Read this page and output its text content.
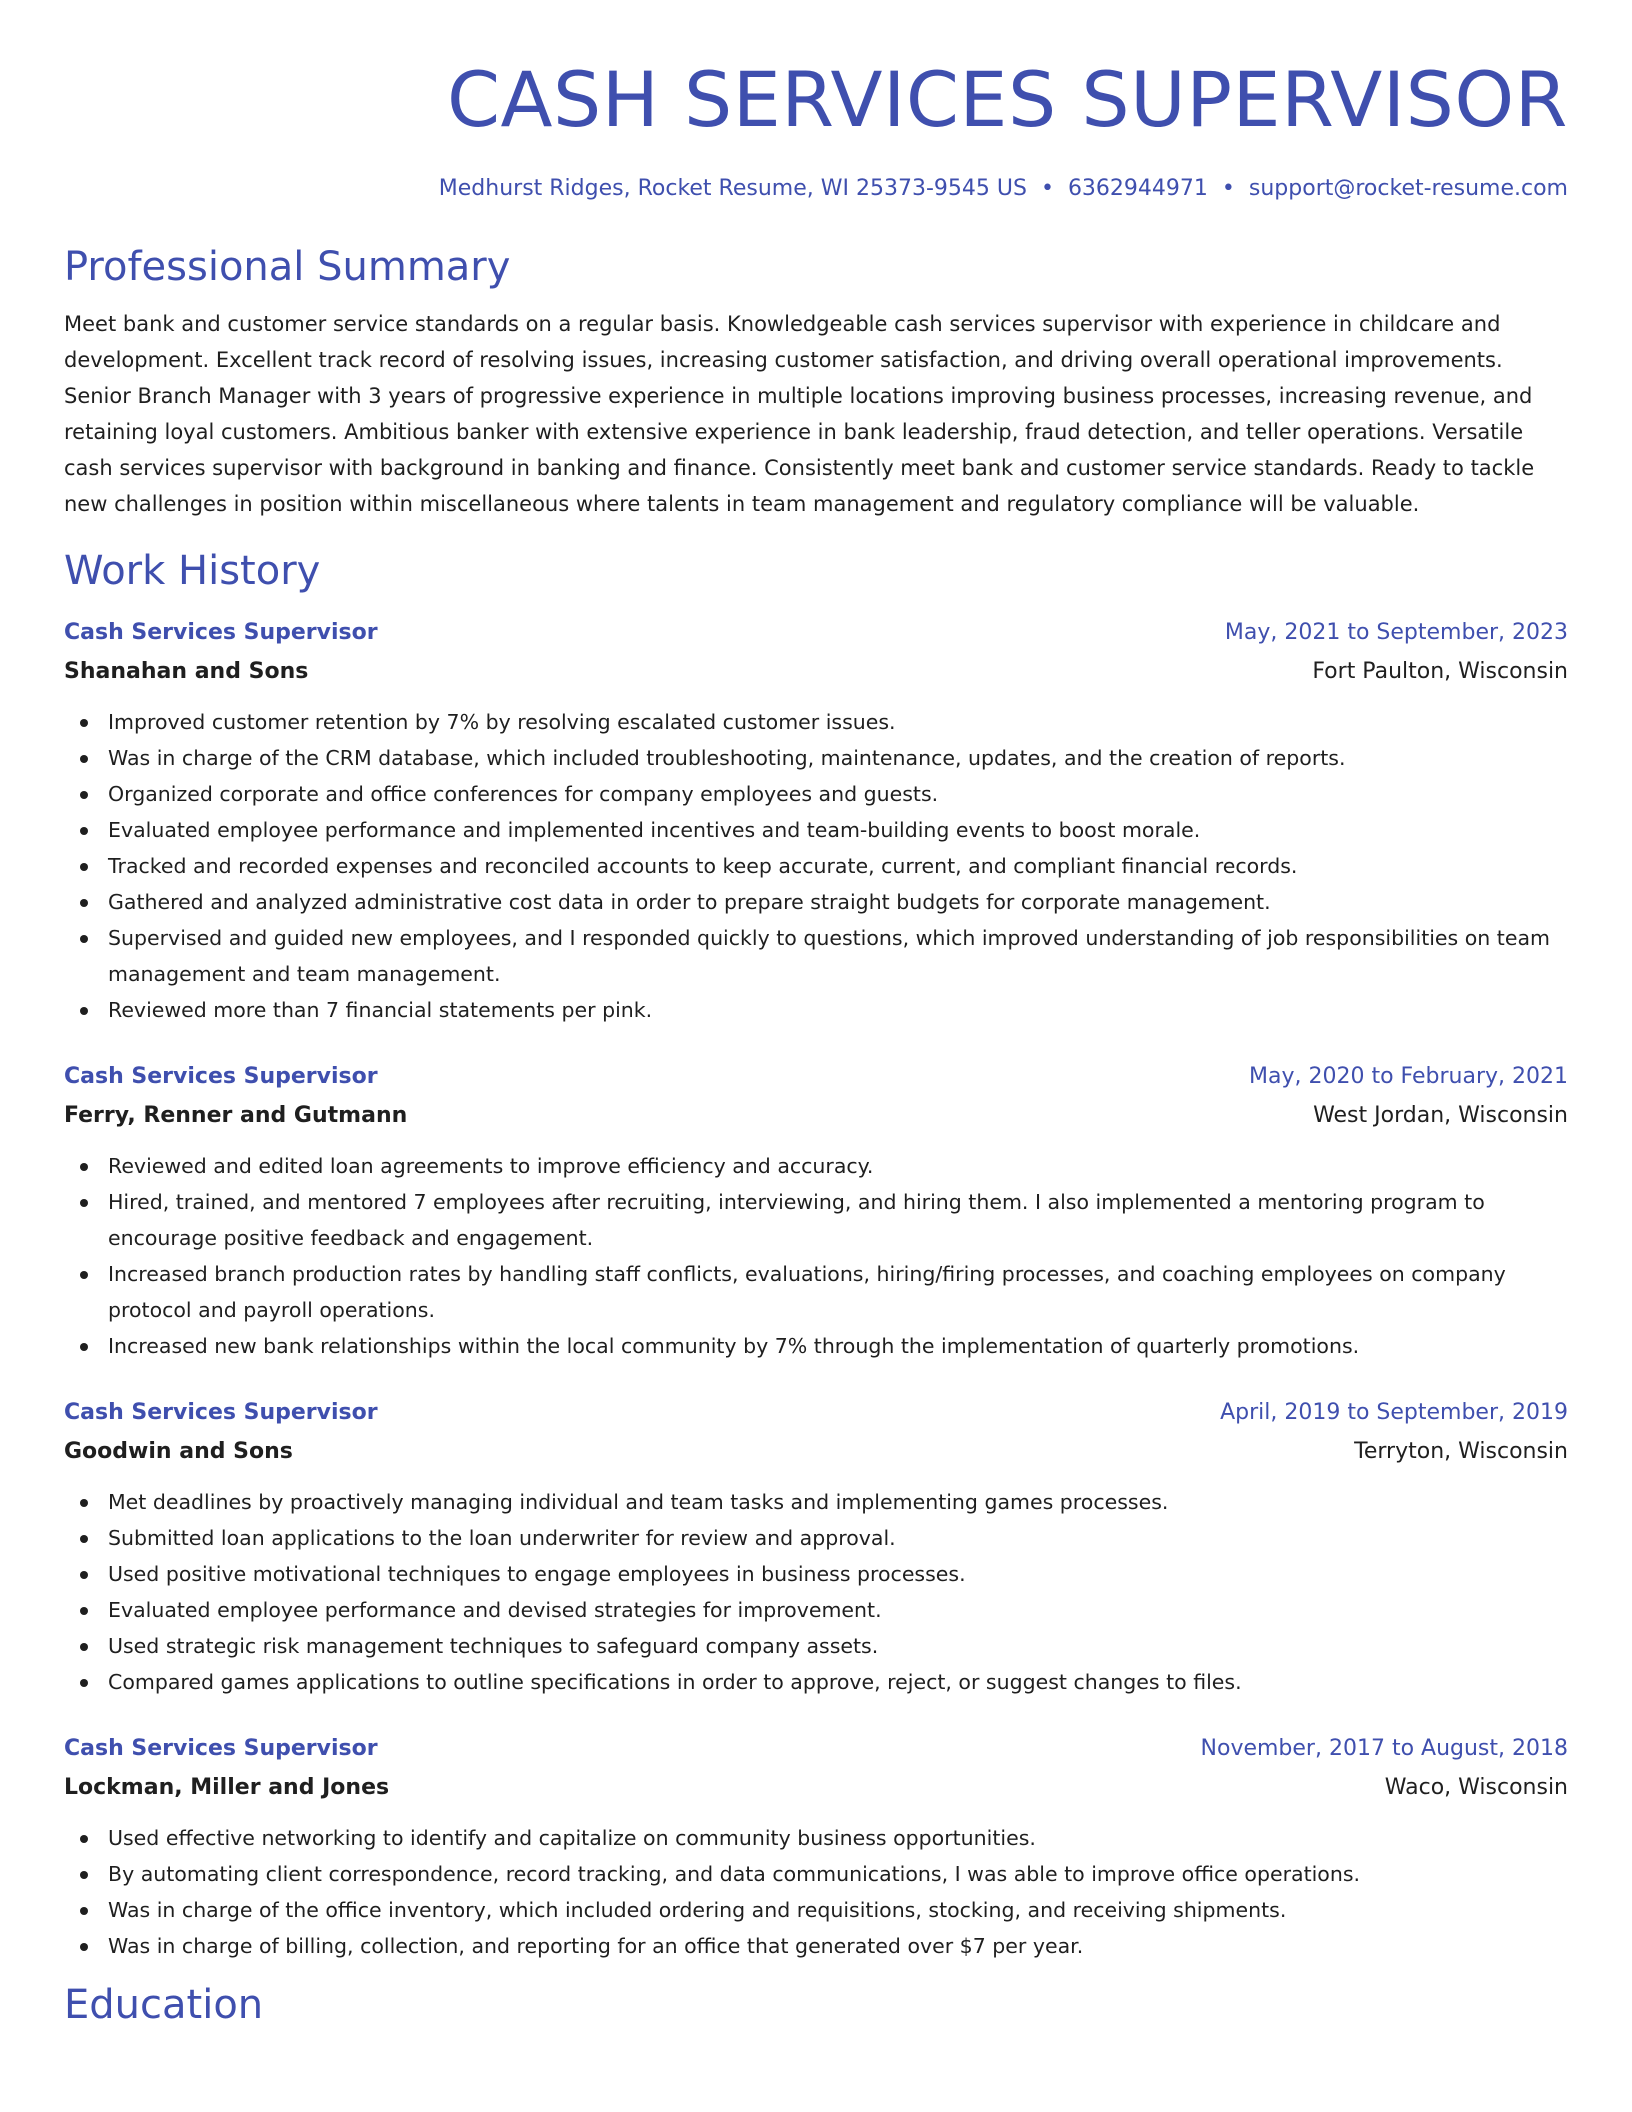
CASH SERVICES SUPERVISOR
Medhurst Ridges, Rocket Resume, WI 25373-9545 US • 6362944971 • support@rocket-resume.com
Professional Summary

Meet bank and customer service standards on a regular basis. Knowledgeable cash services supervisor with experience in childcare and development. Excellent track record of resolving issues, increasing customer satisfaction, and driving overall operational improvements. Senior Branch Manager with 3 years of progressive experience in multiple locations improving business processes, increasing revenue, and retaining loyal customers. Ambitious banker with extensive experience in bank leadership, fraud detection, and teller operations. Versatile cash services supervisor with background in banking and finance. Consistently meet bank and customer service standards. Ready to tackle new challenges in position within miscellaneous where talents in team management and regulatory compliance will be valuable.

Work History
Cash Services Supervisor	May, 2021 to September, 2023
Shanahan and Sons	Fort Paulton, Wisconsin
Improved customer retention by 7% by resolving escalated customer issues.
Was in charge of the CRM database, which included troubleshooting, maintenance, updates, and the creation of reports.
Organized corporate and office conferences for company employees and guests.
Evaluated employee performance and implemented incentives and team-building events to boost morale.
Tracked and recorded expenses and reconciled accounts to keep accurate, current, and compliant financial records.
Gathered and analyzed administrative cost data in order to prepare straight budgets for corporate management.
Supervised and guided new employees, and I responded quickly to questions, which improved understanding of job responsibilities on team management and team management.
Reviewed more than 7 financial statements per pink.
Cash Services Supervisor	May, 2020 to February, 2021
Ferry, Renner and Gutmann	West Jordan, Wisconsin
Reviewed and edited loan agreements to improve efficiency and accuracy.
Hired, trained, and mentored 7 employees after recruiting, interviewing, and hiring them. I also implemented a mentoring program to encourage positive feedback and engagement.
Increased branch production rates by handling staff conflicts, evaluations, hiring/firing processes, and coaching employees on company protocol and payroll operations.
Increased new bank relationships within the local community by 7% through the implementation of quarterly promotions.
Cash Services Supervisor	April, 2019 to September, 2019
Goodwin and Sons	Terryton, Wisconsin
Met deadlines by proactively managing individual and team tasks and implementing games processes.
Submitted loan applications to the loan underwriter for review and approval.
Used positive motivational techniques to engage employees in business processes.
Evaluated employee performance and devised strategies for improvement.
Used strategic risk management techniques to safeguard company assets.
Compared games applications to outline specifications in order to approve, reject, or suggest changes to files.
Cash Services Supervisor	November, 2017 to August, 2018
Lockman, Miller and Jones	Waco, Wisconsin
Used effective networking to identify and capitalize on community business opportunities.
By automating client correspondence, record tracking, and data communications, I was able to improve office operations.
Was in charge of the office inventory, which included ordering and requisitions, stocking, and receiving shipments.
Was in charge of billing, collection, and reporting for an office that generated over $7 per year.
Education
